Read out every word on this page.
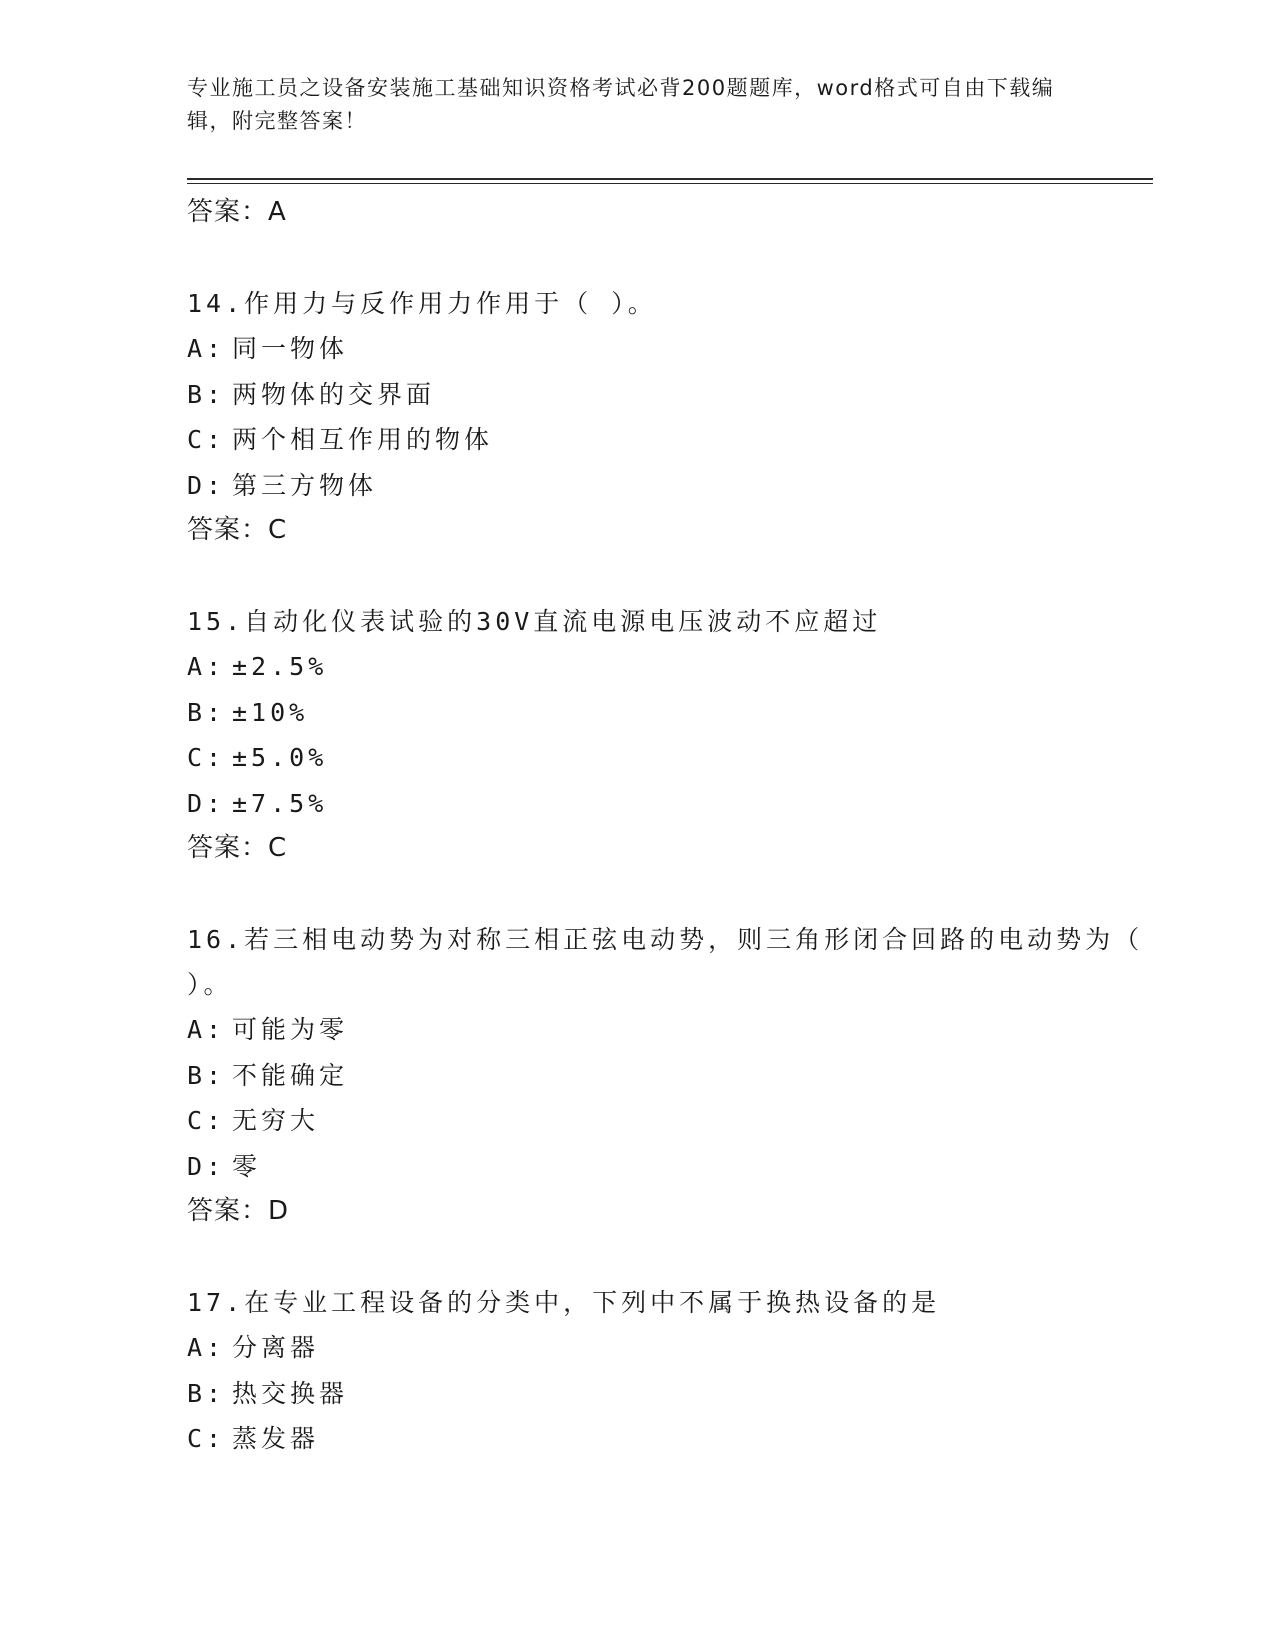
专业施工员之设备安装施工基础知识资格考试必背200题题库，word格式可自由下载编辑，附完整答案！
答案：A
14.作用力与反作用力作用于（ ）。
A: 同一物体
B: 两物体的交界面
C: 两个相互作用的物体
D: 第三方物体
答案：C
15.自动化仪表试验的30V直流电源电压波动不应超过
A: ±2.5%
B: ±10%
C: ±5.0%
D: ±7.5%
答案：C
16.若三相电动势为对称三相正弦电动势，则三角形闭合回路的电动势为（ ）。
A: 可能为零
B: 不能确定
C: 无穷大
D: 零
答案：D
17.在专业工程设备的分类中，下列中不属于换热设备的是
A: 分离器
B: 热交换器
C: 蒸发器
